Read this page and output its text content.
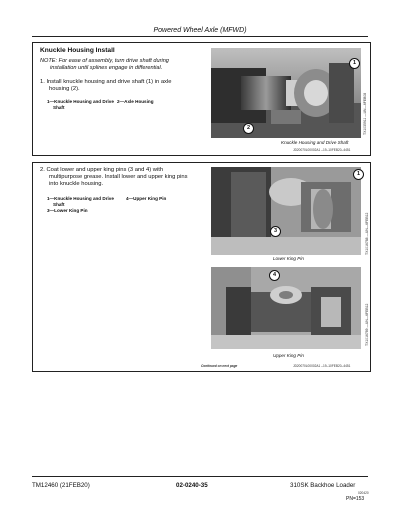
Powered Wheel Axle (MFWD)
Knuckle Housing Install
NOTE: For ease of assembly, turn drive shaft during
installation until splines engage in differential.
1. Install knuckle housing and drive shaft (1) in axle
housing (2).
1—Knuckle Housing and Drive
Shaft
2—Axle Housing
1
2
Knuckle Housing and Drive Shaft
TX1035911 —UN—6FEB08
JD20070L00002A1 –19–10FEB20–4451
2. Coat lower and upper king pins (3 and 4) with
multipurpose grease. Install lower and upper king pins
into knuckle housing.
1—Knuckle Housing and Drive
Shaft
3—Lower King Pin
4—Upper King Pin
1
3
Lower King Pin
TX1016788 —UN—6FEB12
4
Upper King Pin
TX1016789 —UN—6FEB12
Continued on next page	JD20070L00002A1 –19–10FEB20–4451
TM12460 (21FEB20)	02-0240-35	310SK Backhoe Loader
020420
PN=153
